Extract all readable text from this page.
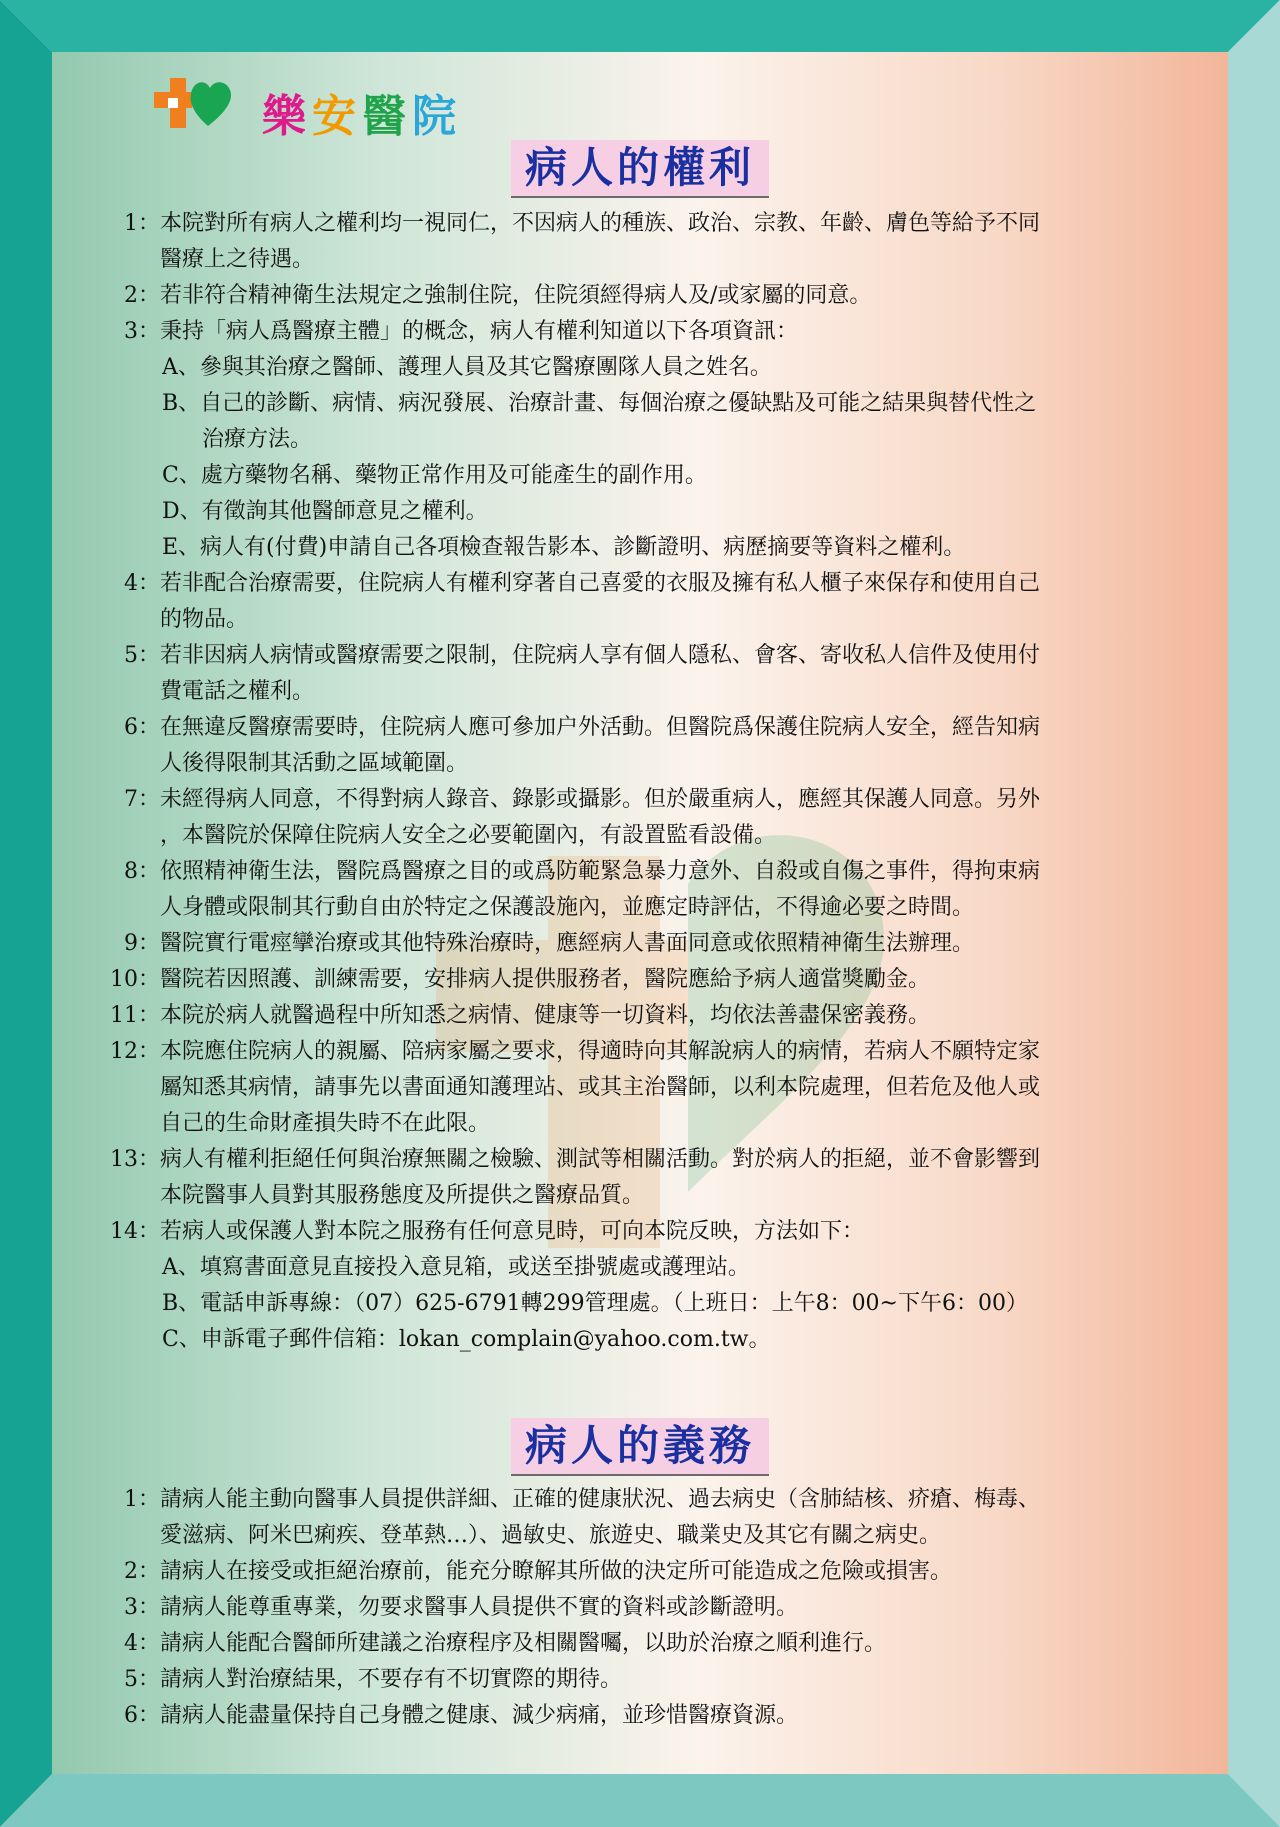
樂安醫院
病人的權利
1 ： 本院對所有病人之權利均一視同仁，不因病人的種族、政治、宗教、年齡、膚色等給予不同
醫療上之待遇。
2 ： 若非符合精神衛生法規定之強制住院，住院須經得病人及/或家屬的同意。
3 ： 秉持「病人爲醫療主體」的概念，病人有權利知道以下各項資訊：
A、參與其治療之醫師、護理人員及其它醫療團隊人員之姓名。
B、自己的診斷、病情、病況發展、治療計畫、每個治療之優缺點及可能之結果與替代性之
治療方法。
C、處方藥物名稱、藥物正常作用及可能產生的副作用。
D、有徵詢其他醫師意見之權利。
E、病人有(付費)申請自己各項檢查報告影本、診斷證明、病歷摘要等資料之權利。
4 ： 若非配合治療需要，住院病人有權利穿著自己喜愛的衣服及擁有私人櫃子來保存和使用自己
的物品。
5 ： 若非因病人病情或醫療需要之限制，住院病人享有個人隱私、會客、寄收私人信件及使用付
費電話之權利。
6 ： 在無違反醫療需要時，住院病人應可參加户外活動。但醫院爲保護住院病人安全，經告知病
人後得限制其活動之區域範圍。
7 ： 未經得病人同意，不得對病人錄音、錄影或攝影。但於嚴重病人，應經其保護人同意。另外
，本醫院於保障住院病人安全之必要範圍內，有設置監看設備。
8 ： 依照精神衛生法，醫院爲醫療之目的或爲防範緊急暴力意外、自殺或自傷之事件，得拘束病
人身體或限制其行動自由於特定之保護設施內，並應定時評估，不得逾必要之時間。
9 ： 醫院實行電痙攣治療或其他特殊治療時，應經病人書面同意或依照精神衛生法辦理。
10 ： 醫院若因照護、訓練需要，安排病人提供服務者，醫院應給予病人適當獎勵金。
11 ： 本院於病人就醫過程中所知悉之病情、健康等一切資料，均依法善盡保密義務。
12 ： 本院應住院病人的親屬、陪病家屬之要求，得適時向其解說病人的病情，若病人不願特定家
屬知悉其病情，請事先以書面通知護理站、或其主治醫師，以利本院處理，但若危及他人或
自己的生命財產損失時不在此限。
13 ： 病人有權利拒絕任何與治療無關之檢驗、測試等相關活動。對於病人的拒絕，並不會影響到
本院醫事人員對其服務態度及所提供之醫療品質。
14 ： 若病人或保護人對本院之服務有任何意見時，可向本院反映，方法如下：
A、填寫書面意見直接投入意見箱，或送至掛號處或護理站。
B、電話申訴專線：（07）625-6791轉299管理處。（上班日：上午8：00~下午6：00）
C、申訴電子郵件信箱：lokan_complain@yahoo.com.tw。
病人的義務
1 ： 請病人能主動向醫事人員提供詳細、正確的健康狀況、過去病史（含肺結核、疥瘡、梅毒、
愛滋病、阿米巴痢疾、登革熱…）、過敏史、旅遊史、職業史及其它有關之病史。
2 ： 請病人在接受或拒絕治療前，能充分瞭解其所做的決定所可能造成之危險或損害。
3 ： 請病人能尊重專業，勿要求醫事人員提供不實的資料或診斷證明。
4 ： 請病人能配合醫師所建議之治療程序及相關醫囑，以助於治療之順利進行。
5 ： 請病人對治療結果，不要存有不切實際的期待。
6 ： 請病人能盡量保持自己身體之健康、減少病痛，並珍惜醫療資源。
